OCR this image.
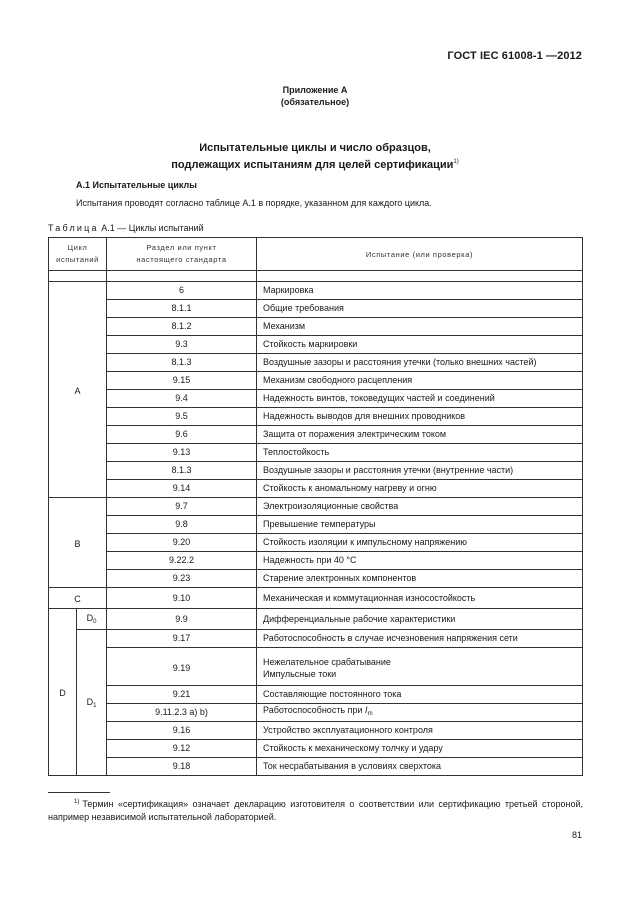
ГОСТ IEC 61008-1 —2012
Приложение А
(обязательное)
Испытательные циклы и число образцов,
подлежащих испытаниям для целей сертификации$^{1)}$
А.1 Испытательные циклы
Испытания проводят согласно таблице А.1 в порядке, указанном для каждого цикла.
Таблица А.1 — Циклы испытаний
Цикл
испытаний		Раздел или пункт
настоящего стандарта	Испытание (или проверка)

A		6	Маркировка
		8.1.1	Общие требования
		8.1.2	Механизм
		9.3	Стойкость маркировки
		8.1.3	Воздушные зазоры и расстояния утечки (только внешних частей)
		9.15	Механизм свободного расцепления
		9.4	Надежность винтов, токоведущих частей и соединений
		9.5	Надежность выводов для внешних проводников
		9.6	Защита от поражения электрическим током
		9.13	Теплостойкость
		8.1.3	Воздушные зазоры и расстояния утечки (внутренние части)
		9.14	Стойкость к аномальному нагреву и огню
B		9.7	Электроизоляционные свойства
		9.8	Превышение температуры
		9.20	Стойкость изоляции к импульсному напряжению
		9.22.2	Надежность при 40 °С
		9.23	Старение электронных компонентов
C		9.10	Механическая и коммутационная износостойкость
D	$D_0$	9.9	Дифференциальные рабочие характеристики
	$D_1$	9.17	Работоспособность в случае исчезновения напряжения сети
		9.19	Нежелательное срабатывание
Импульсные токи

		9.21	Составляющие постоянного тока
		9.11.2.3 а) b)	Работоспособность при $I_m$
		9.16	Устройство эксплуатационного контроля
		9.12	Стойкость к механическому толчку и удару
		9.18	Ток несрабатывания в условиях сверхтока
$^{1)}$ Термин «сертификация» означает декларацию изготовителя о соответствии или сертификацию третьей стороной, например независимой испытательной лабораторией.
81
